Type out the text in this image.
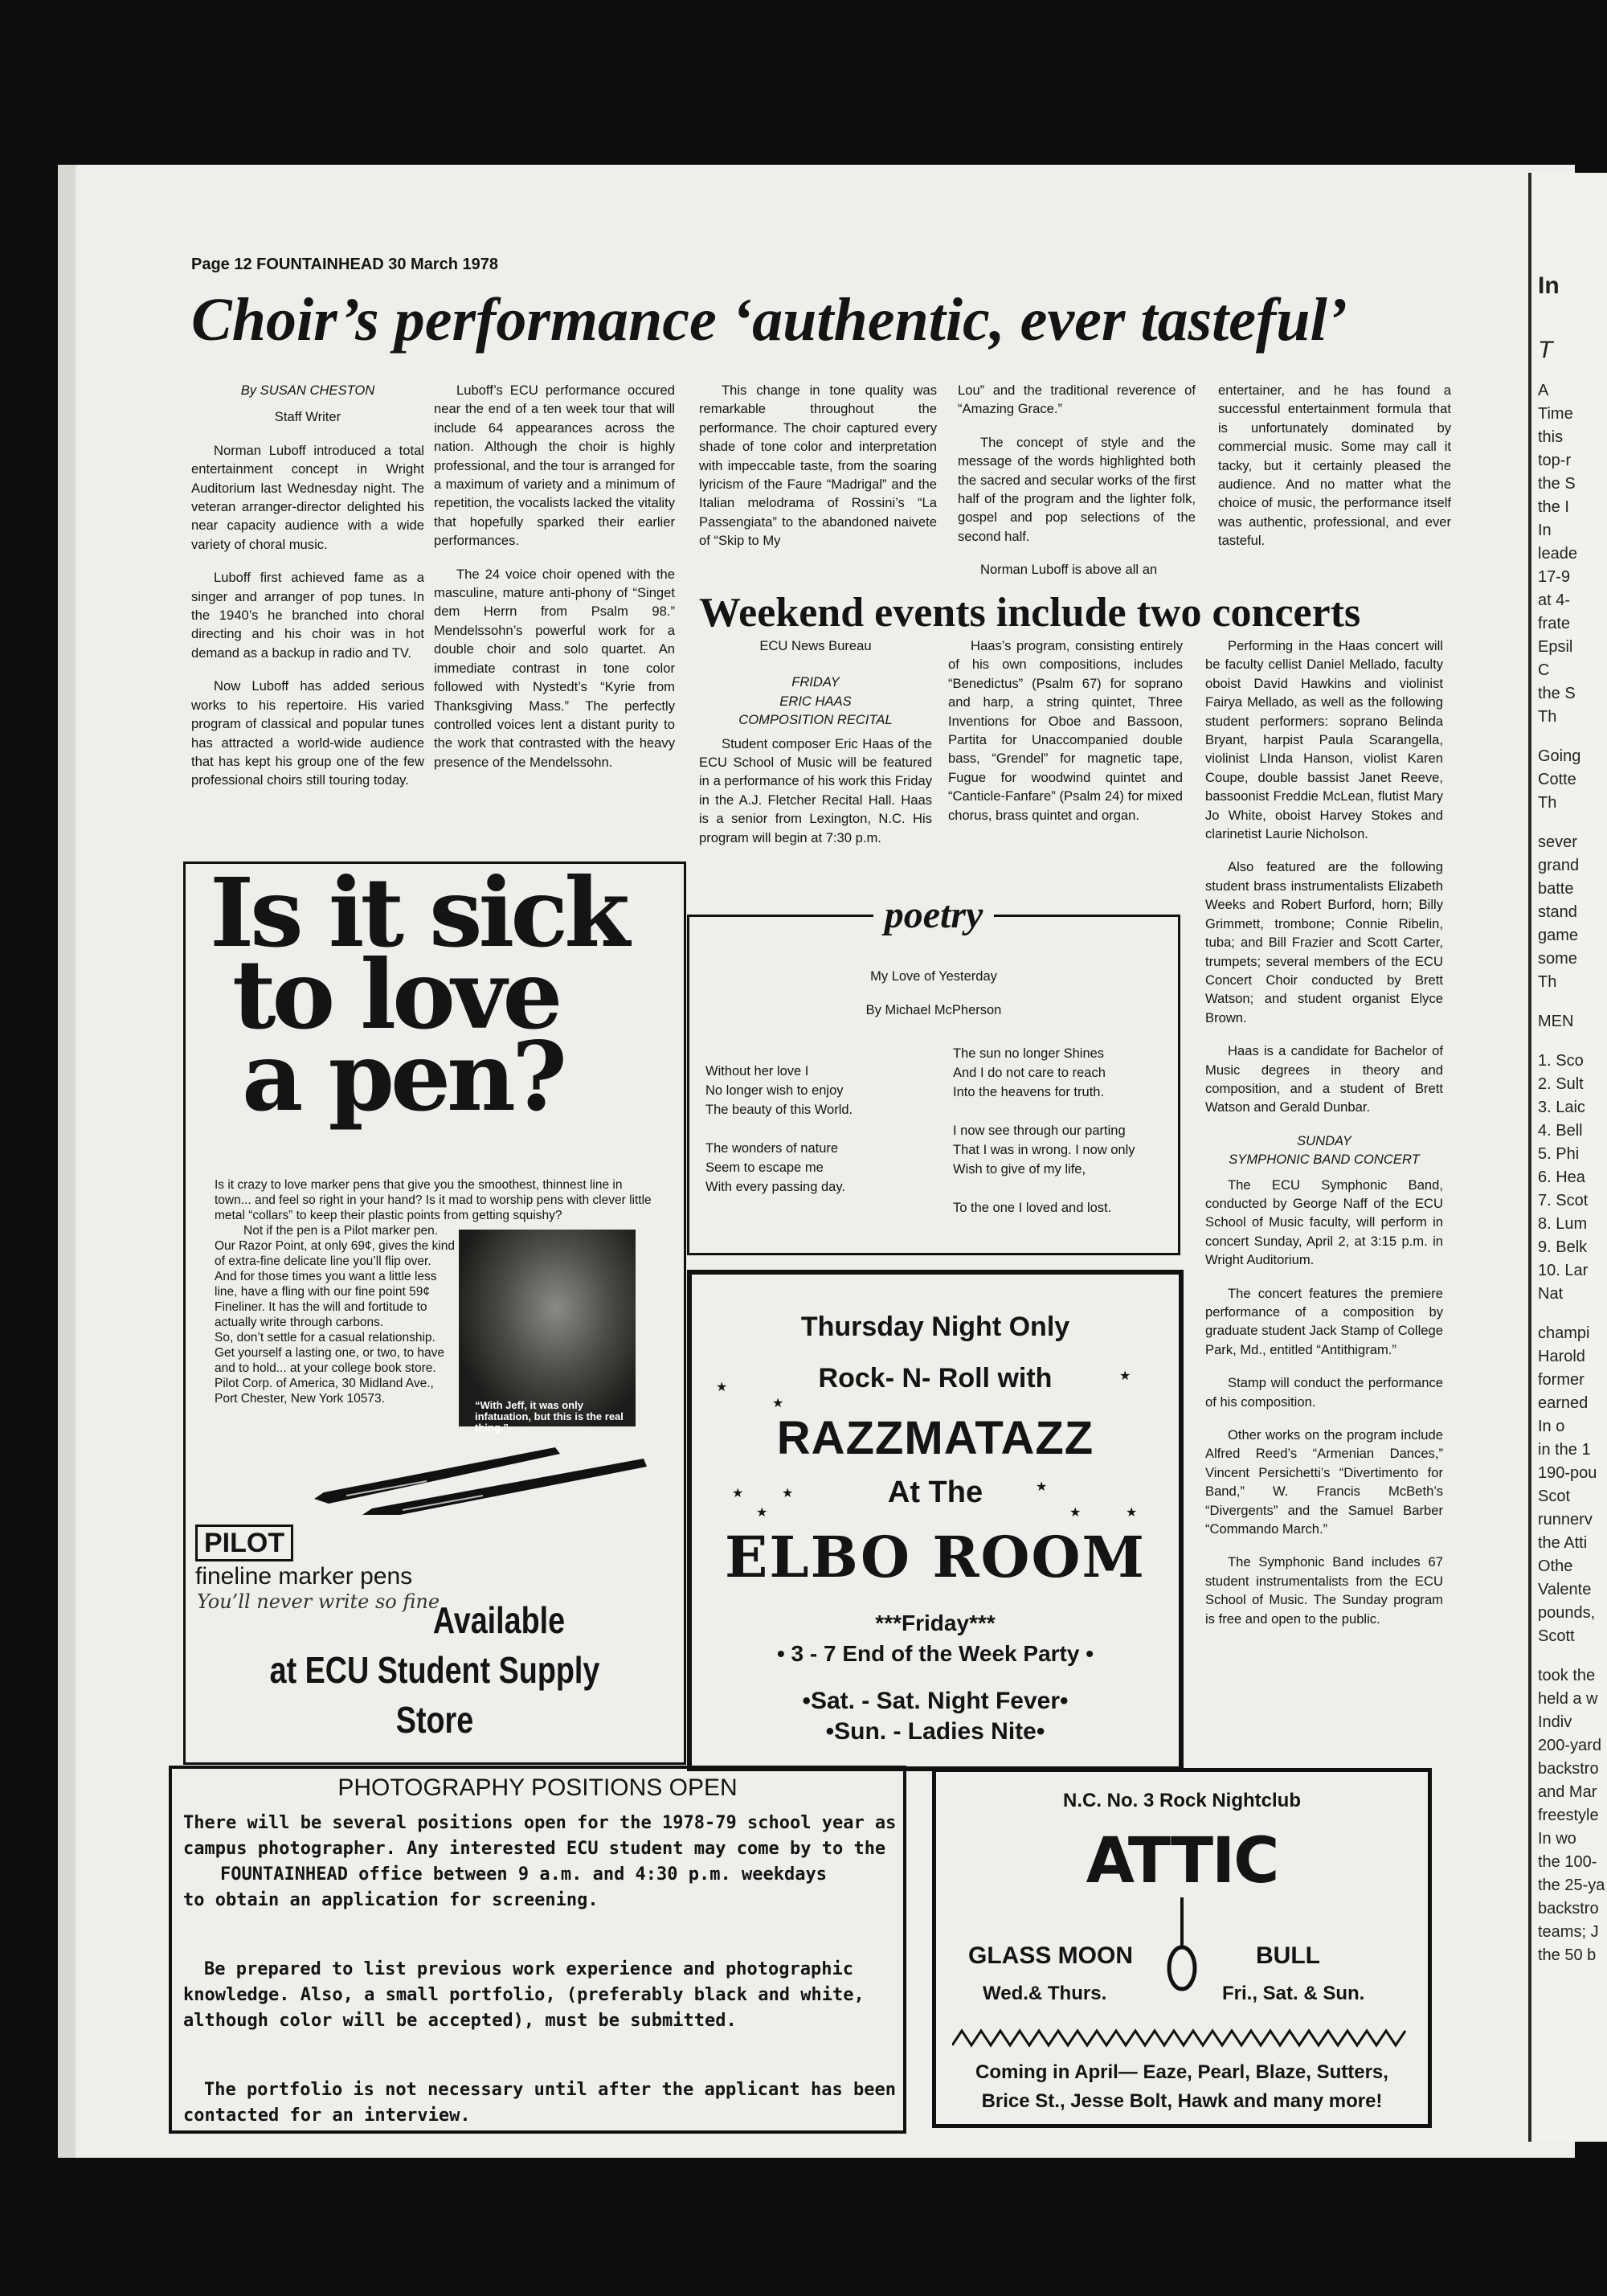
In
T
A
Time
this
top-r
the S
the I
In
leade
17-9
at 4-
frate
Epsil
C
the S
Th
Going
Cotte
Th
sever
grand
batte
stand
game
some
Th
MEN
1. Sco
2. Sult
3. Laic
4. Bell
5. Phi
6. Hea
7. Scot
8. Lum
9. Belk
10. Lar
Nat
champi
Harold
former
earned
In o
in the 1
190-pou
Scot
runnerv
the Atti
Othe
Valente
pounds,
Scott
took the
held a w
Indiv
200-yard
backstro
and Mar
freestyle
In wo
the 100-
the 25-ya
backstro
teams; J
the 50 b
Page 12 FOUNTAINHEAD 30 March 1978
Choir’s performance ‘authentic, ever tasteful’

By SUSAN CHESTON

Staff Writer

Norman Luboff introduced a total entertainment concept in Wright Auditorium last Wednesday night. The veteran arranger-director delighted his near capacity audience with a wide variety of choral music.

Luboff first achieved fame as a singer and arranger of pop tunes. In the 1940’s he branched into choral directing and his choir was in hot demand as a backup in radio and TV.

Now Luboff has added serious works to his repertoire. His varied program of classical and popular tunes has attracted a world-wide audience that has kept his group one of the few professional choirs still touring today.

Luboff’s ECU performance occured near the end of a ten week tour that will include 64 appearances across the nation. Although the choir is highly professional, and the tour is arranged for a maximum of variety and a minimum of repetition, the vocalists lacked the vitality that hopefully sparked their earlier performances.

The 24 voice choir opened with the masculine, mature anti-phony of “Singet dem Herrn from Psalm 98.” Mendelssohn’s powerful work for a double choir and solo quartet. An immediate contrast in tone color followed with Nystedt’s “Kyrie from Thanksgiving Mass.” The perfectly controlled voices lent a distant purity to the work that contrasted with the heavy presence of the Mendelssohn.

This change in tone quality was remarkable throughout the performance. The choir captured every shade of tone color and interpretation with impeccable taste, from the soaring lyricism of the Faure “Madrigal” and the Italian melodrama of Rossini’s “La Passengiata” to the abandoned naivete of “Skip to My

Lou” and the traditional reverence of “Amazing Grace.”

The concept of style and the message of the words highlighted both the sacred and secular works of the first half of the program and the lighter folk, gospel and pop selections of the second half.

Norman Luboff is above all an

entertainer, and he has found a successful entertainment formula that is unfortunately dominated by commercial music. Some may call it tacky, but it certainly pleased the audience. And no matter what the choice of music, the performance itself was authentic, professional, and ever tasteful.

Weekend events include two concerts

ECU News Bureau

FRIDAY

ERIC HAAS

COMPOSITION RECITAL

Student composer Eric Haas of the ECU School of Music will be featured in a performance of his work this Friday in the A.J. Fletcher Recital Hall. Haas is a senior from Lexington, N.C. His program will begin at 7:30 p.m.

Haas’s program, consisting entirely of his own compositions, includes “Benedictus” (Psalm 67) for soprano and harp, a string quintet, Three Inventions for Oboe and Bassoon, Partita for Unaccompanied double bass, “Grendel” for magnetic tape, Fugue for woodwind quintet and “Canticle-Fanfare” (Psalm 24) for mixed chorus, brass quintet and organ.

Performing in the Haas concert will be faculty cellist Daniel Mellado, faculty oboist David Hawkins and violinist Fairya Mellado, as well as the following student performers: soprano Belinda Bryant, harpist Paula Scarangella, violinist LInda Hanson, violist Karen Coupe, double bassist Janet Reeve, bassoonist Freddie McLean, flutist Mary Jo White, oboist Harvey Stokes and clarinetist Laurie Nicholson.

Also featured are the following student brass instrumentalists Elizabeth Weeks and Robert Burford, horn; Billy Grimmett, trombone; Connie Ribelin, tuba; and Bill Frazier and Scott Carter, trumpets; several members of the ECU Concert Choir conducted by Brett Watson; and student organist Elyce Brown.

Haas is a candidate for Bachelor of Music degrees in theory and composition, and a student of Brett Watson and Gerald Dunbar.

SUNDAY

SYMPHONIC BAND CONCERT

The ECU Symphonic Band, conducted by George Naff of the ECU School of Music faculty, will perform in concert Sunday, April 2, at 3:15 p.m. in Wright Auditorium.

The concert features the premiere performance of a composition by graduate student Jack Stamp of College Park, Md., entitled “Antithigram.”

Stamp will conduct the performance of his composition.

Other works on the program include Alfred Reed’s “Armenian Dances,” Vincent Persichetti’s “Divertimento for Band,” W. Francis McBeth’s “Divergents” and the Samuel Barber “Commando March.”

The Symphonic Band includes 67 student instrumentalists from the ECU School of Music. The Sunday program is free and open to the public.

poetry
My Love of Yesterday
By Michael McPherson
Without her love I
No longer wish to enjoy
The beauty of this World.
The wonders of nature
Seem to escape me
With every passing day.
The sun no longer Shines
And I do not care to reach
Into the heavens for truth.
I now see through our parting
That I was in wrong. I now only
Wish to give of my life,
To the one I loved and lost.
Is it sick
to love
a pen?

Is it crazy to love marker pens that give you the smoothest, thinnest line in town... and feel so right in your hand? Is it mad to worship pens with clever little metal “collars” to keep their plastic points from getting squishy?

Not if the pen is a Pilot marker pen.

Our Razor Point, at only 69¢, gives the kind of extra-fine delicate line you’ll flip over. And for those times you want a little less line, have a fling with our fine point 59¢ Fineliner. It has the will and fortitude to actually write through carbons.

So, don’t settle for a casual relationship. Get yourself a lasting one, or two, to have and to hold... at your college book store.

Pilot Corp. of America, 30 Midland Ave., Port Chester, New York 10573.	“With Jeff, it was only infatuation, but this is the real thing.”
PILOT
fineline marker pens
You’ll never write so fine
Available
at ECU Student Supply
Store
Thursday Night Only
Rock- N- Roll with
RAZZMATAZZ
At The
ELBO ROOM
***Friday***
• 3 - 7 End of the Week Party •
•Sat. - Sat. Night Fever•
•Sun. - Ladies Nite•
★
★
★
★	★
★
★
★	★
PHOTOGRAPHY POSITIONS OPEN
There will be several positions open for the 1978-79 school year as
campus photographer. Any interested ECU student may come by to the
FOUNTAINHEAD office between 9 a.m. and 4:30 p.m. weekdays
to obtain an application for screening.
Be prepared to list previous work experience and photographic
knowledge. Also, a small portfolio, (preferably black and white,
although color will be accepted), must be submitted.
The portfolio is not necessary until after the applicant has been
contacted for an interview.
N.C. No. 3 Rock Nightclub
ATTIC
GLASS MOON
Wed.& Thurs.
BULL
Fri., Sat. & Sun.
Coming in April— Eaze, Pearl, Blaze, Sutters,
Brice St., Jesse Bolt, Hawk and many more!
